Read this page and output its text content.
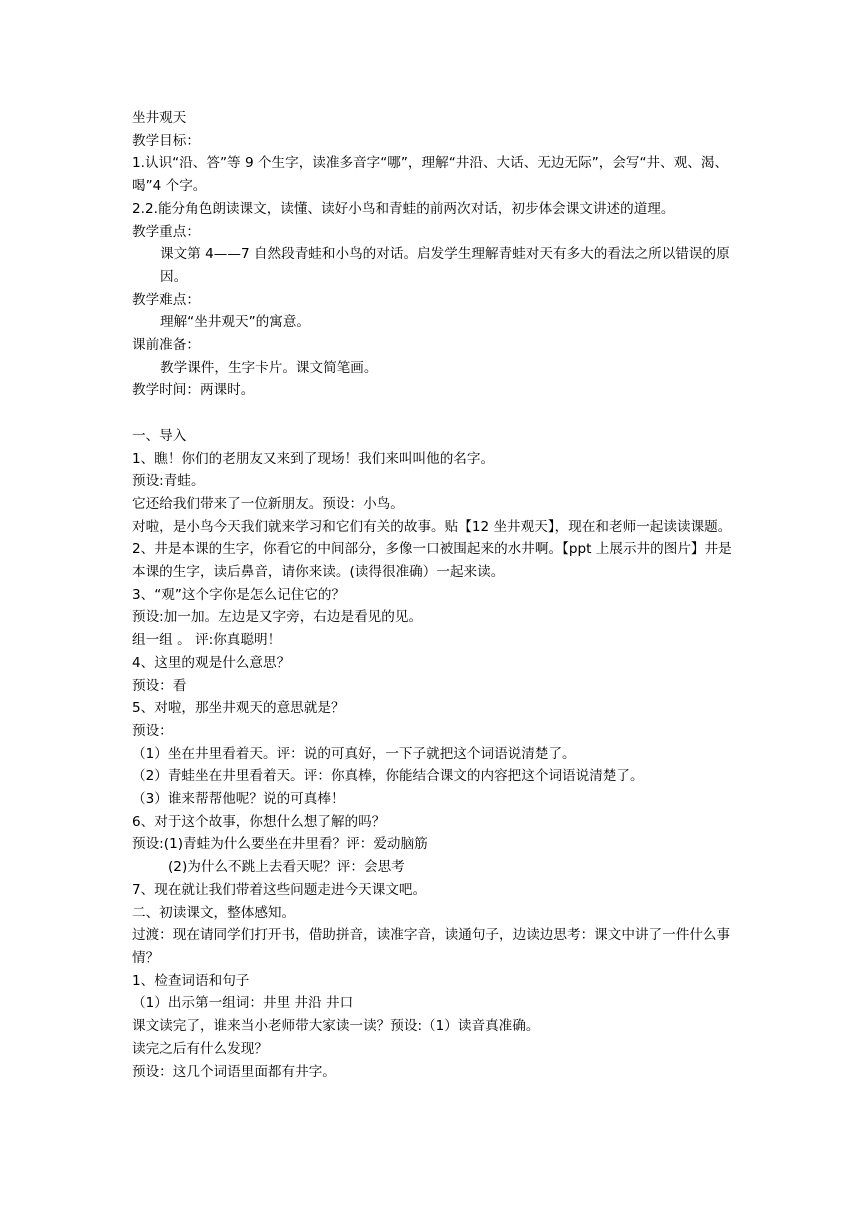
坐井观天
教学目标：
1.认识“沿、答”等 9 个生字，读准多音字“哪”，理解“井沿、大话、无边无际”，会写“井、观、渴、喝”4 个字。
2.2.能分角色朗读课文，读懂、读好小鸟和青蛙的前两次对话，初步体会课文讲述的道理。
教学重点：
课文第 4——7 自然段青蛙和小鸟的对话。启发学生理解青蛙对天有多大的看法之所以错误的原因。
教学难点：
理解“坐井观天”的寓意。
课前准备：
教学课件，生字卡片。课文简笔画。
教学时间：两课时。
一、导入
1、瞧！你们的老朋友又来到了现场！我们来叫叫他的名字。
预设:青蛙。
它还给我们带来了一位新朋友。预设：小鸟。
对啦，是小鸟今天我们就来学习和它们有关的故事。贴【12 坐井观天】，现在和老师一起读读课题。
2、井是本课的生字，你看它的中间部分，多像一口被围起来的水井啊。【ppt 上展示井的图片】井是本课的生字，读后鼻音，请你来读。(读得很准确）一起来读。
3、“观”这个字你是怎么记住它的？
预设:加一加。左边是又字旁，右边是看见的见。
组一组 。 评:你真聪明！
4、这里的观是什么意思？
预设：看
5、对啦，那坐井观天的意思就是？
预设：
（1）坐在井里看着天。评：说的可真好，一下子就把这个词语说清楚了。
（2）青蛙坐在井里看着天。评：你真棒，你能结合课文的内容把这个词语说清楚了。
（3）谁来帮帮他呢？说的可真棒！
6、对于这个故事，你想什么想了解的吗？
预设:(1)青蛙为什么要坐在井里看？评：爱动脑筋
(2)为什么不跳上去看天呢？评：会思考
7、现在就让我们带着这些问题走进今天课文吧。
二、初读课文，整体感知。
过渡：现在请同学们打开书，借助拼音，读准字音，读通句子，边读边思考：课文中讲了一件什么事情？
1、检查词语和句子
（1）出示第一组词：井里 井沿 井口
课文读完了，谁来当小老师带大家读一读？预设:（1）读音真准确。
读完之后有什么发现？
预设：这几个词语里面都有井字。
